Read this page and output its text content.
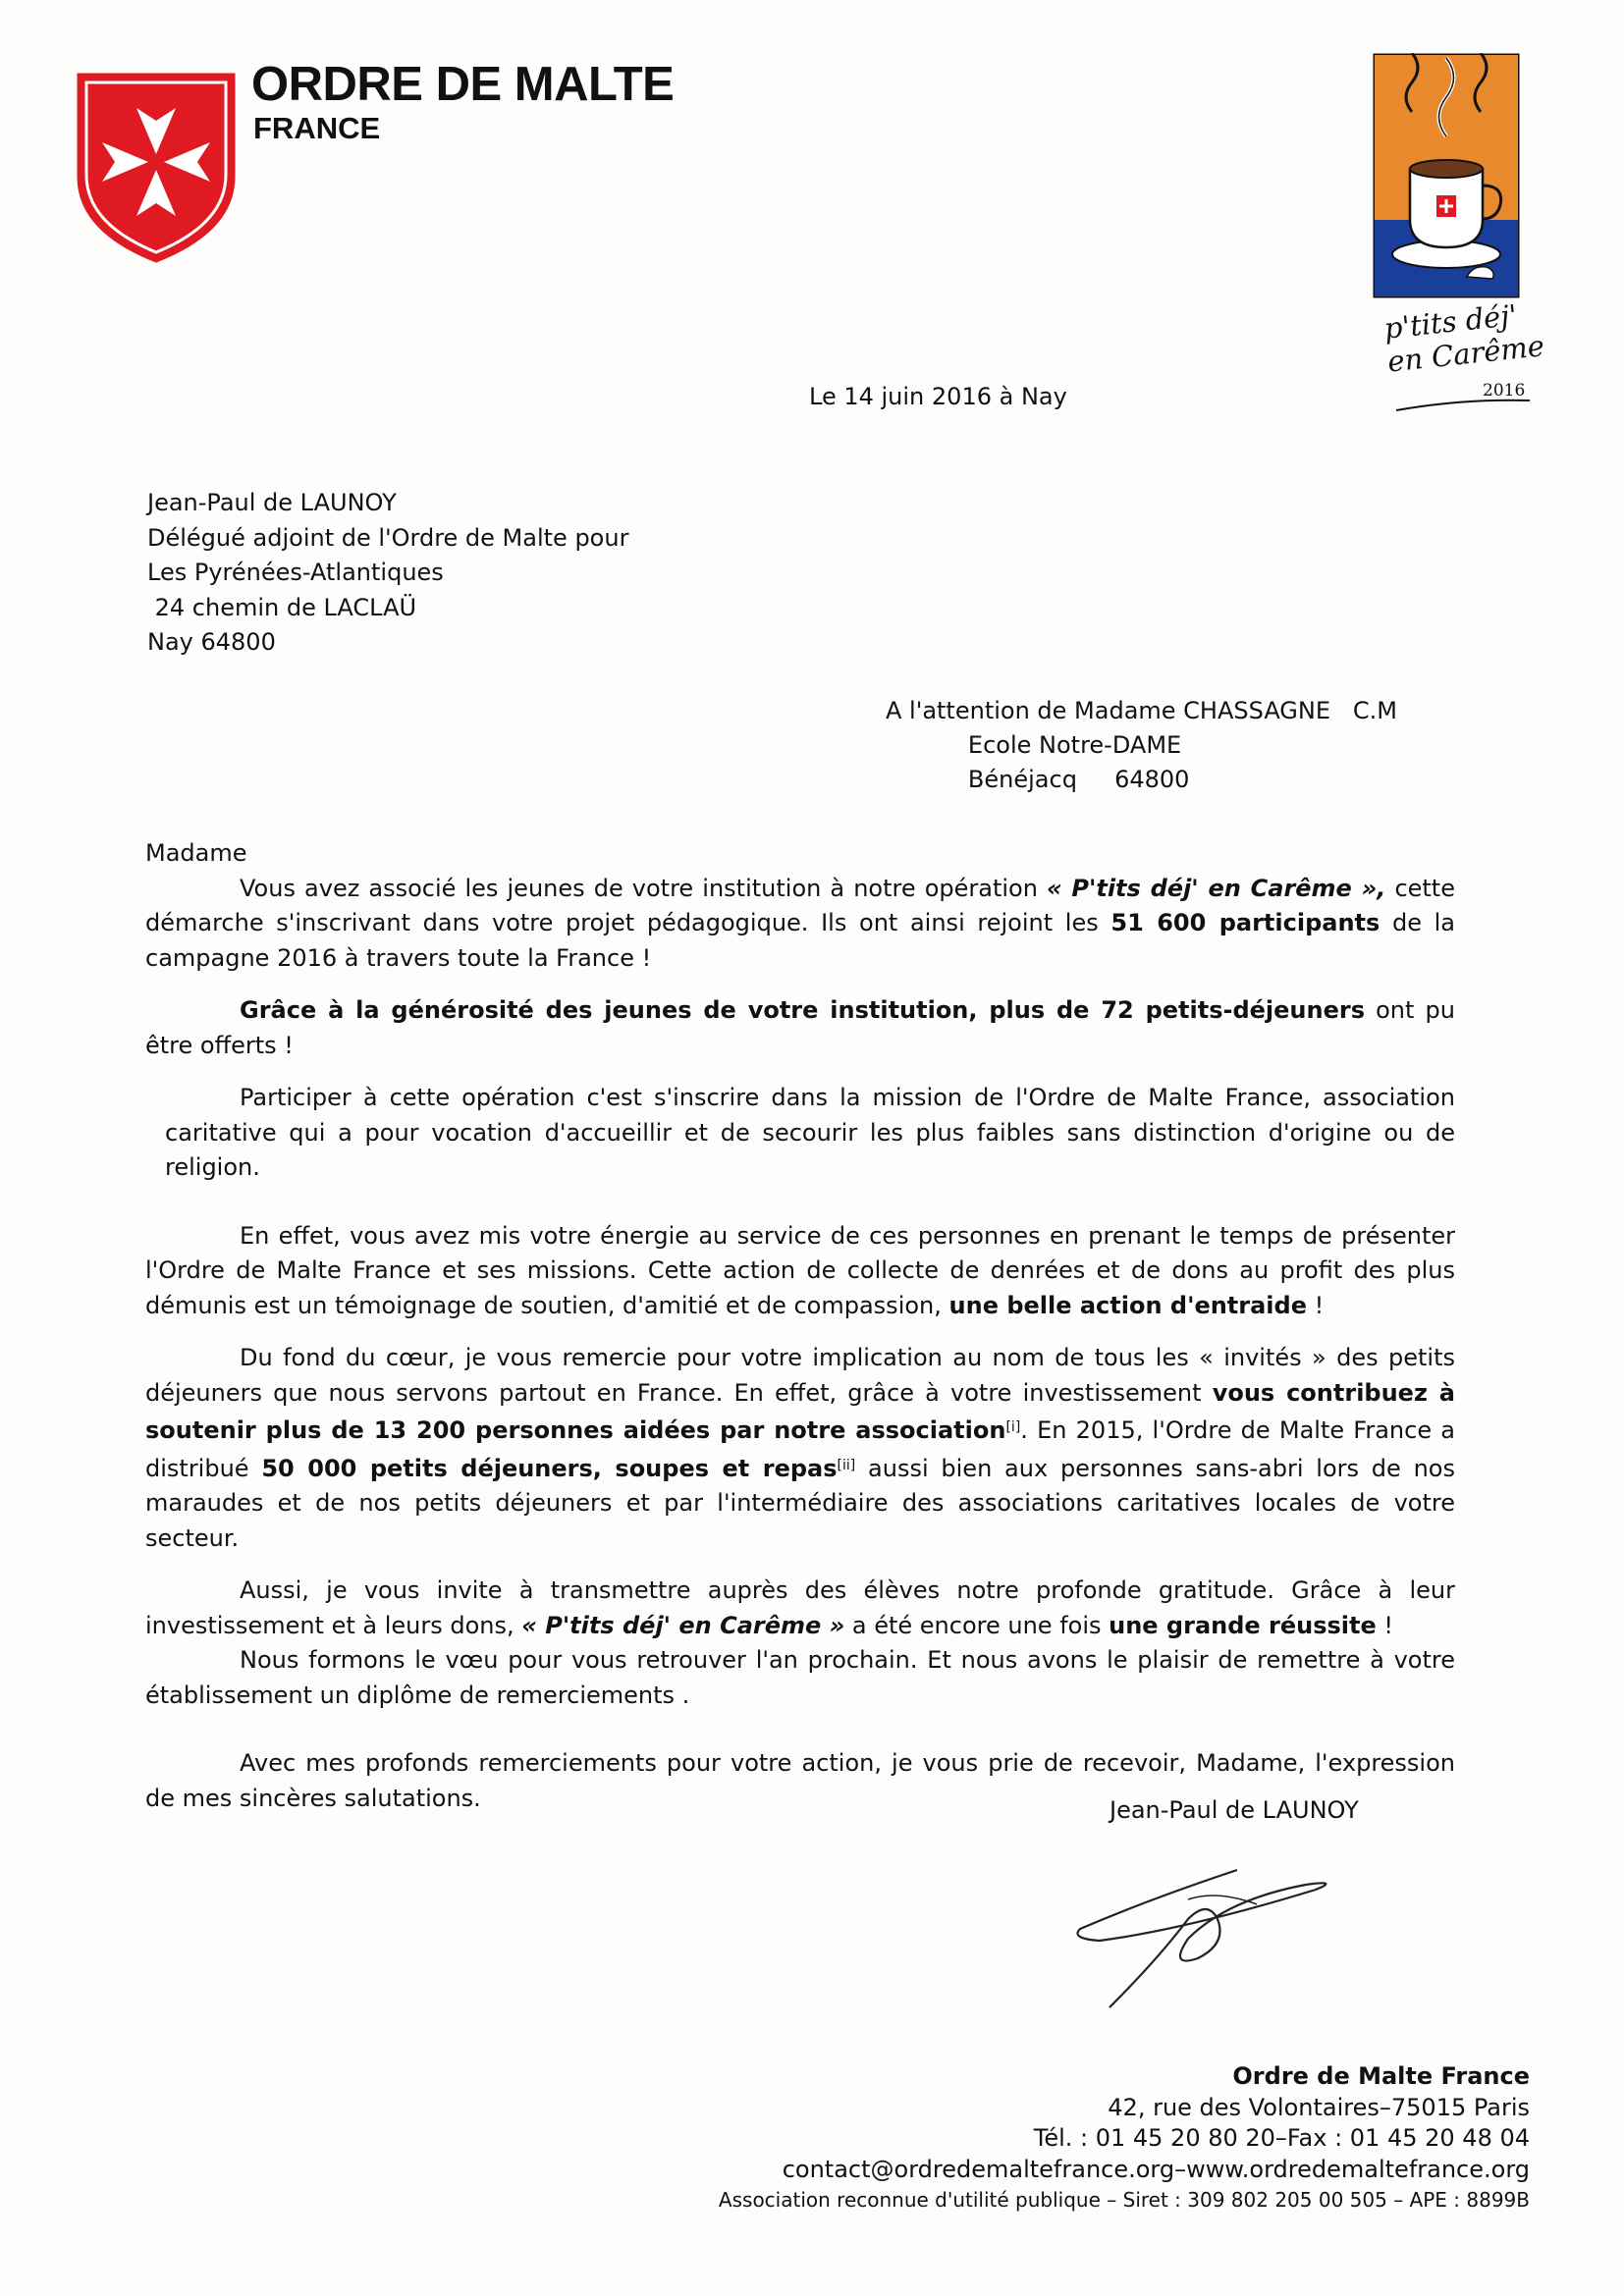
ORDRE DE MALTE
FRANCE
p'tits déj' en Carême
2016
Le 14 juin 2016 à Nay
Jean-Paul de LAUNOY
Délégué adjoint de l'Ordre de Malte pour
Les Pyrénées-Atlantiques
24 chemin de LACLAÜ
Nay 64800
A l'attention de Madame CHASSAGNE   C.M
Ecole Notre-DAME
Bénéjacq     64800

Madame

Vous avez associé les jeunes de votre institution à notre opération « P'tits déj' en Carême », cette démarche s'inscrivant dans votre projet pédagogique. Ils ont ainsi rejoint les 51 600 participants de la campagne 2016 à travers toute la France !

Grâce à la générosité des jeunes de votre institution, plus de 72 petits-déjeuners ont pu être offerts !

Participer à cette opération c'est s'inscrire dans la mission de l'Ordre de Malte France, association caritative qui a pour vocation d'accueillir et de secourir les plus faibles sans distinction d'origine ou de religion.

En effet, vous avez mis votre énergie au service de ces personnes en prenant le temps de présenter l'Ordre de Malte France et ses missions. Cette action de collecte de denrées et de dons au profit des plus démunis est un témoignage de soutien, d'amitié et de compassion, une belle action d'entraide !

Du fond du cœur, je vous remercie pour votre implication au nom de tous les « invités » des petits déjeuners que nous servons partout en France. En effet, grâce à votre investissement vous contribuez à soutenir plus de 13 200 personnes aidées par notre association[i]. En 2015, l'Ordre de Malte France a distribué 50 000 petits déjeuners, soupes et repas[ii] aussi bien aux personnes sans-abri lors de nos maraudes et de nos petits déjeuners et par l'intermédiaire des associations caritatives locales de votre secteur.

Aussi, je vous invite à transmettre auprès des élèves notre profonde gratitude. Grâce à leur investissement et à leurs dons, « P'tits déj' en Carême » a été encore une fois une grande réussite !

Nous formons le vœu pour vous retrouver l'an prochain. Et nous avons le plaisir de remettre à votre établissement un diplôme de remerciements .

Avec mes profonds remerciements pour votre action, je vous prie de recevoir, Madame, l'expression de mes sincères salutations.	Jean-Paul de LAUNOY
Ordre de Malte France
42, rue des Volontaires–75015 Paris
Tél. : 01 45 20 80 20–Fax : 01 45 20 48 04
contact@ordredemaltefrance.org–www.ordredemaltefrance.org
Association reconnue d'utilité publique – Siret : 309 802 205 00 505 – APE : 8899B
